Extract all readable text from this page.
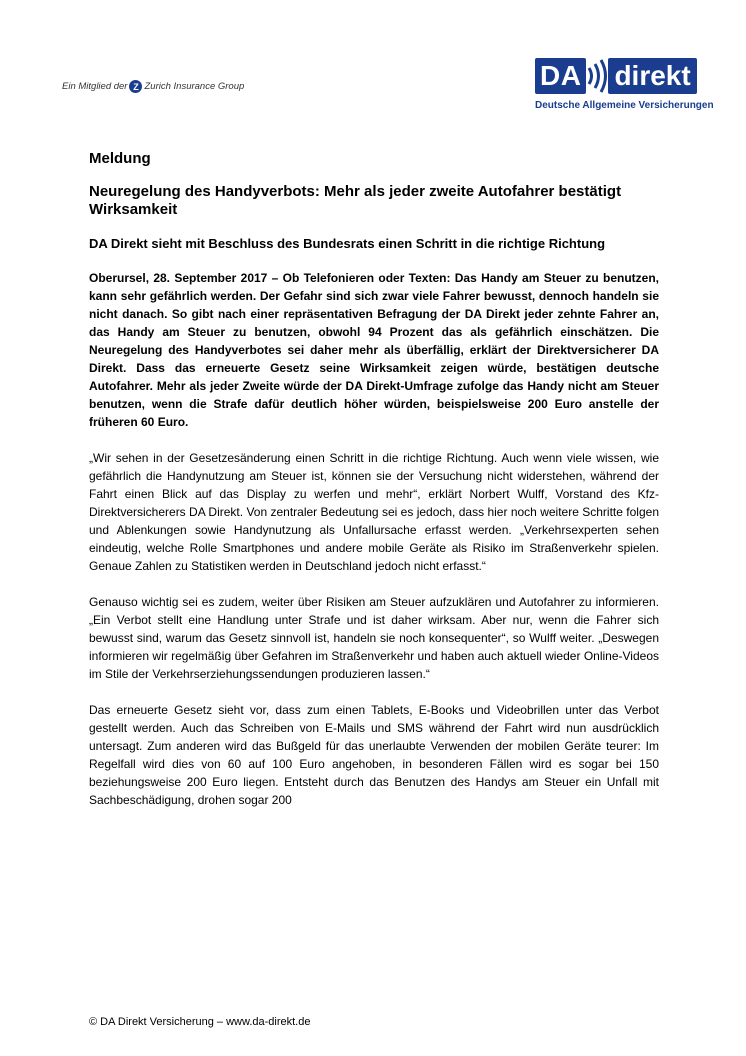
Ein Mitglied der Z Zurich Insurance Group	DA direkt
Deutsche Allgemeine Versicherungen
Meldung
Neuregelung des Handyverbots: Mehr als jeder zweite Autofahrer bestätigt Wirksamkeit
DA Direkt sieht mit Beschluss des Bundesrats einen Schritt in die richtige Richtung
Oberursel, 28. September 2017 – Ob Telefonieren oder Texten: Das Handy am Steuer zu benutzen, kann sehr gefährlich werden. Der Gefahr sind sich zwar viele Fahrer bewusst, dennoch handeln sie nicht danach. So gibt nach einer repräsentativen Befragung der DA Direkt jeder zehnte Fahrer an, das Handy am Steuer zu benutzen, obwohl 94 Prozent das als gefährlich einschätzen. Die Neuregelung des Handyverbotes sei daher mehr als überfällig, erklärt der Direktversicherer DA Direkt. Dass das erneuerte Gesetz seine Wirksamkeit zeigen würde, bestätigen deutsche Autofahrer. Mehr als jeder Zweite würde der DA Direkt-Umfrage zufolge das Handy nicht am Steuer benutzen, wenn die Strafe dafür deutlich höher würden, beispielsweise 200 Euro anstelle der früheren 60 Euro.
„Wir sehen in der Gesetzesänderung einen Schritt in die richtige Richtung. Auch wenn viele wissen, wie gefährlich die Handynutzung am Steuer ist, können sie der Versuchung nicht widerstehen, während der Fahrt einen Blick auf das Display zu werfen und mehr“, erklärt Norbert Wulff, Vorstand des Kfz-Direktversicherers DA Direkt. Von zentraler Bedeutung sei es jedoch, dass hier noch weitere Schritte folgen und Ablenkungen sowie Handynutzung als Unfallursache erfasst werden. „Verkehrsexperten sehen eindeutig, welche Rolle Smartphones und andere mobile Geräte als Risiko im Straßenverkehr spielen. Genaue Zahlen zu Statistiken werden in Deutschland jedoch nicht erfasst.“
Genauso wichtig sei es zudem, weiter über Risiken am Steuer aufzuklären und Autofahrer zu informieren. „Ein Verbot stellt eine Handlung unter Strafe und ist daher wirksam. Aber nur, wenn die Fahrer sich bewusst sind, warum das Gesetz sinnvoll ist, handeln sie noch konsequenter“, so Wulff weiter. „Deswegen informieren wir regelmäßig über Gefahren im Straßenverkehr und haben auch aktuell wieder Online-Videos im Stile der Verkehrserziehungssendungen produzieren lassen.“
Das erneuerte Gesetz sieht vor, dass zum einen Tablets, E-Books und Videobrillen unter das Verbot gestellt werden. Auch das Schreiben von E-Mails und SMS während der Fahrt wird nun ausdrücklich untersagt. Zum anderen wird das Bußgeld für das unerlaubte Verwenden der mobilen Geräte teurer: Im Regelfall wird dies von 60 auf 100 Euro angehoben, in besonderen Fällen wird es sogar bei 150 beziehungsweise 200 Euro liegen. Entsteht durch das Benutzen des Handys am Steuer ein Unfall mit Sachbeschädigung, drohen sogar 200
© DA Direkt Versicherung – www.da-direkt.de
